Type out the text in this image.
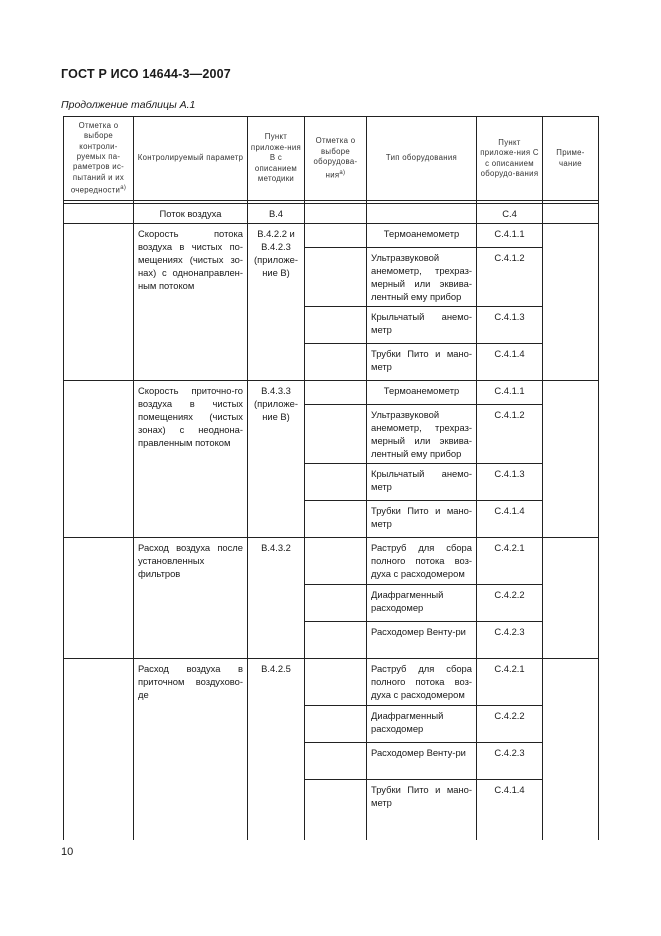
ГОСТ Р ИСО 14644-3—2007
Продолжение таблицы А.1
Отметка о выборе контроли-руемых па-раметров ис-пытаний и их очередности$^{а)}$	Контролируемый параметр	Пункт приложе-ния В с описанием методики	Отметка о выборе оборудова-ния$^{а)}$	Тип оборудования	Пункт приложе-ния С с описанием оборудо-вания	Приме-чание

	Поток воздуха	В.4			С.4	

	Скорость потока воздуха в чистых по-мещениях (чистых зо-нах) с однонаправлен-ным потоком	В.4.2.2 и В.4.2.3 (приложе-ние В)		Термоанемометр	С.4.1.1	

				Ультразвуковой анемометр, трехраз-мерный или эквива-лентный ему прибор	С.4.1.2	

				Крыльчатый анемо-метр	С.4.1.3	

				Трубки Пито и мано-метр	С.4.1.4	

	Скорость приточно-го воздуха в чистых помещениях (чистых зонах) с неоднона-правленным потоком	В.4.3.3 (приложе-ние В)		Термоанемометр	С.4.1.1	

				Ультразвуковой анемометр, трехраз-мерный или эквива-лентный ему прибор	С.4.1.2	

				Крыльчатый анемо-метр	С.4.1.3	

				Трубки Пито и мано-метр	С.4.1.4	

	Расход воздуха после установленных фильтров	В.4.3.2		Раструб для сбора полного потока воз-духа с расходомером	С.4.2.1	

				Диафрагменный расходомер	С.4.2.2	

				Расходомер Венту-ри	С.4.2.3	

	Расход воздуха в приточном воздухово-де	В.4.2.5		Раструб для сбора полного потока воз-духа с расходомером	С.4.2.1	

				Диафрагменный расходомер	С.4.2.2	

				Расходомер Венту-ри	С.4.2.3	

				Трубки Пито и мано-метр	С.4.1.4	
10
